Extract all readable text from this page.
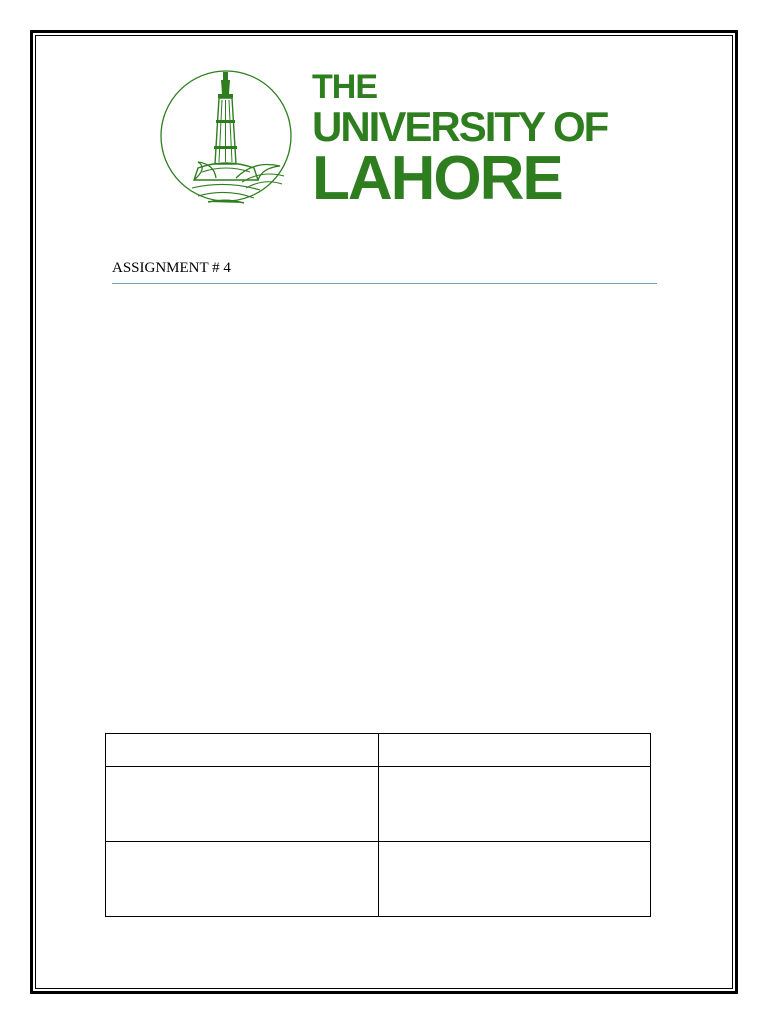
THE
UNIVERSITY OF
LAHORE
ASSIGNMENT # 4
